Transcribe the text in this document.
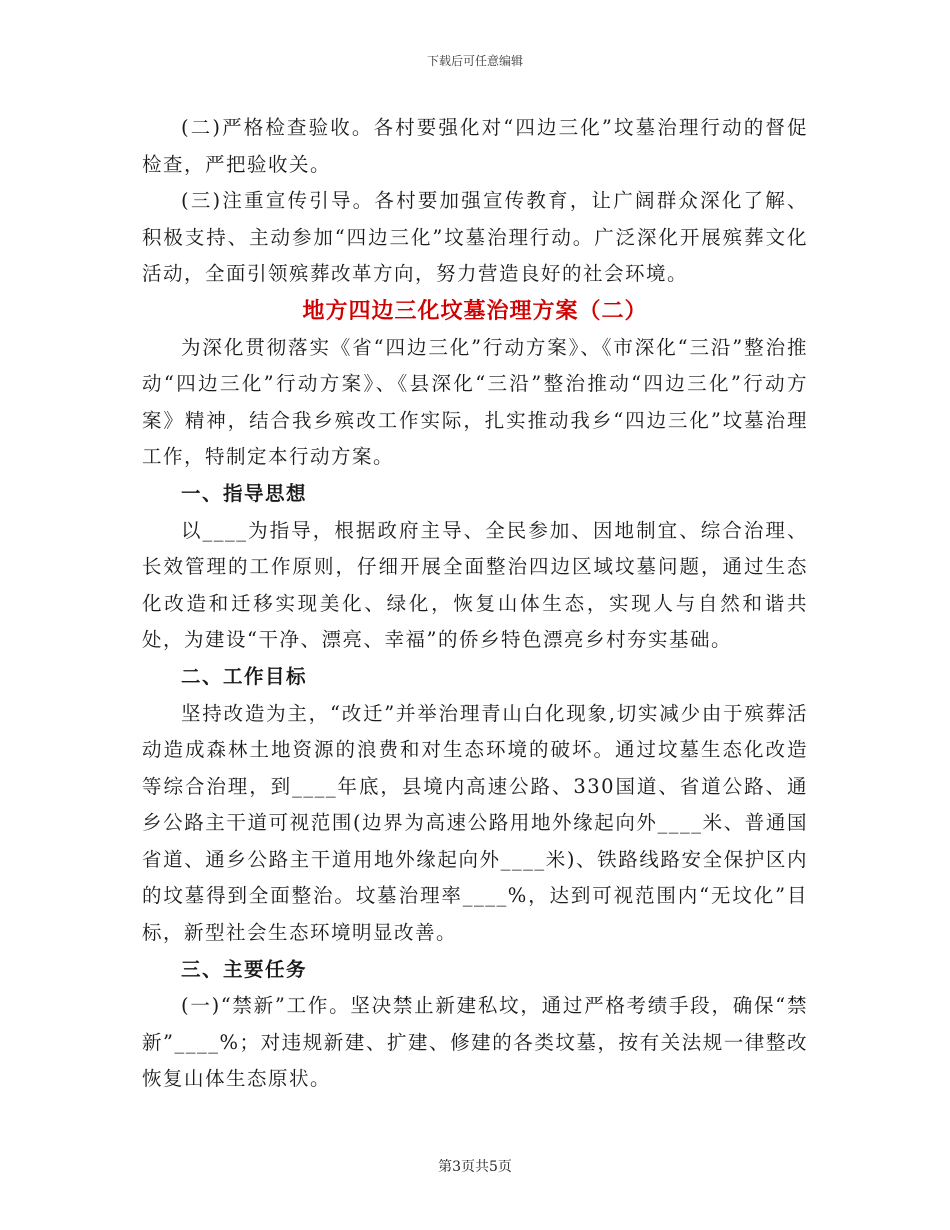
下载后可任意编辑

(二)严格检查验收。各村要强化对“四边三化”坟墓治理行动的督促检查，严把验收关。

(三)注重宣传引导。各村要加强宣传教育，让广阔群众深化了解、积极支持、主动参加“四边三化”坟墓治理行动。广泛深化开展殡葬文化活动，全面引领殡葬改革方向，努力营造良好的社会环境。

地方四边三化坟墓治理方案（二）

为深化贯彻落实《省“四边三化”行动方案》、《市深化“三沿”整治推动“四边三化”行动方案》、《县深化“三沿”整治推动“四边三化”行动方案》精神，结合我乡殡改工作实际，扎实推动我乡“四边三化”坟墓治理工作，特制定本行动方案。

一、指导思想

以____为指导，根据政府主导、全民参加、因地制宜、综合治理、长效管理的工作原则，仔细开展全面整治四边区域坟墓问题，通过生态化改造和迁移实现美化、绿化，恢复山体生态，实现人与自然和谐共处，为建设“干净、漂亮、幸福”的侨乡特色漂亮乡村夯实基础。

二、工作目标

坚持改造为主，“改迁”并举治理青山白化现象,切实减少由于殡葬活动造成森林土地资源的浪费和对生态环境的破坏。通过坟墓生态化改造等综合治理，到____年底，县境内高速公路、330国道、省道公路、通乡公路主干道可视范围(边界为高速公路用地外缘起向外____米、普通国省道、通乡公路主干道用地外缘起向外____米)、铁路线路安全保护区内的坟墓得到全面整治。坟墓治理率____%，达到可视范围内“无坟化”目标，新型社会生态环境明显改善。

三、主要任务

(一)“禁新”工作。坚决禁止新建私坟，通过严格考绩手段，确保“禁新”____%；对违规新建、扩建、修建的各类坟墓，按有关法规一律整改恢复山体生态原状。

第3页共5页
